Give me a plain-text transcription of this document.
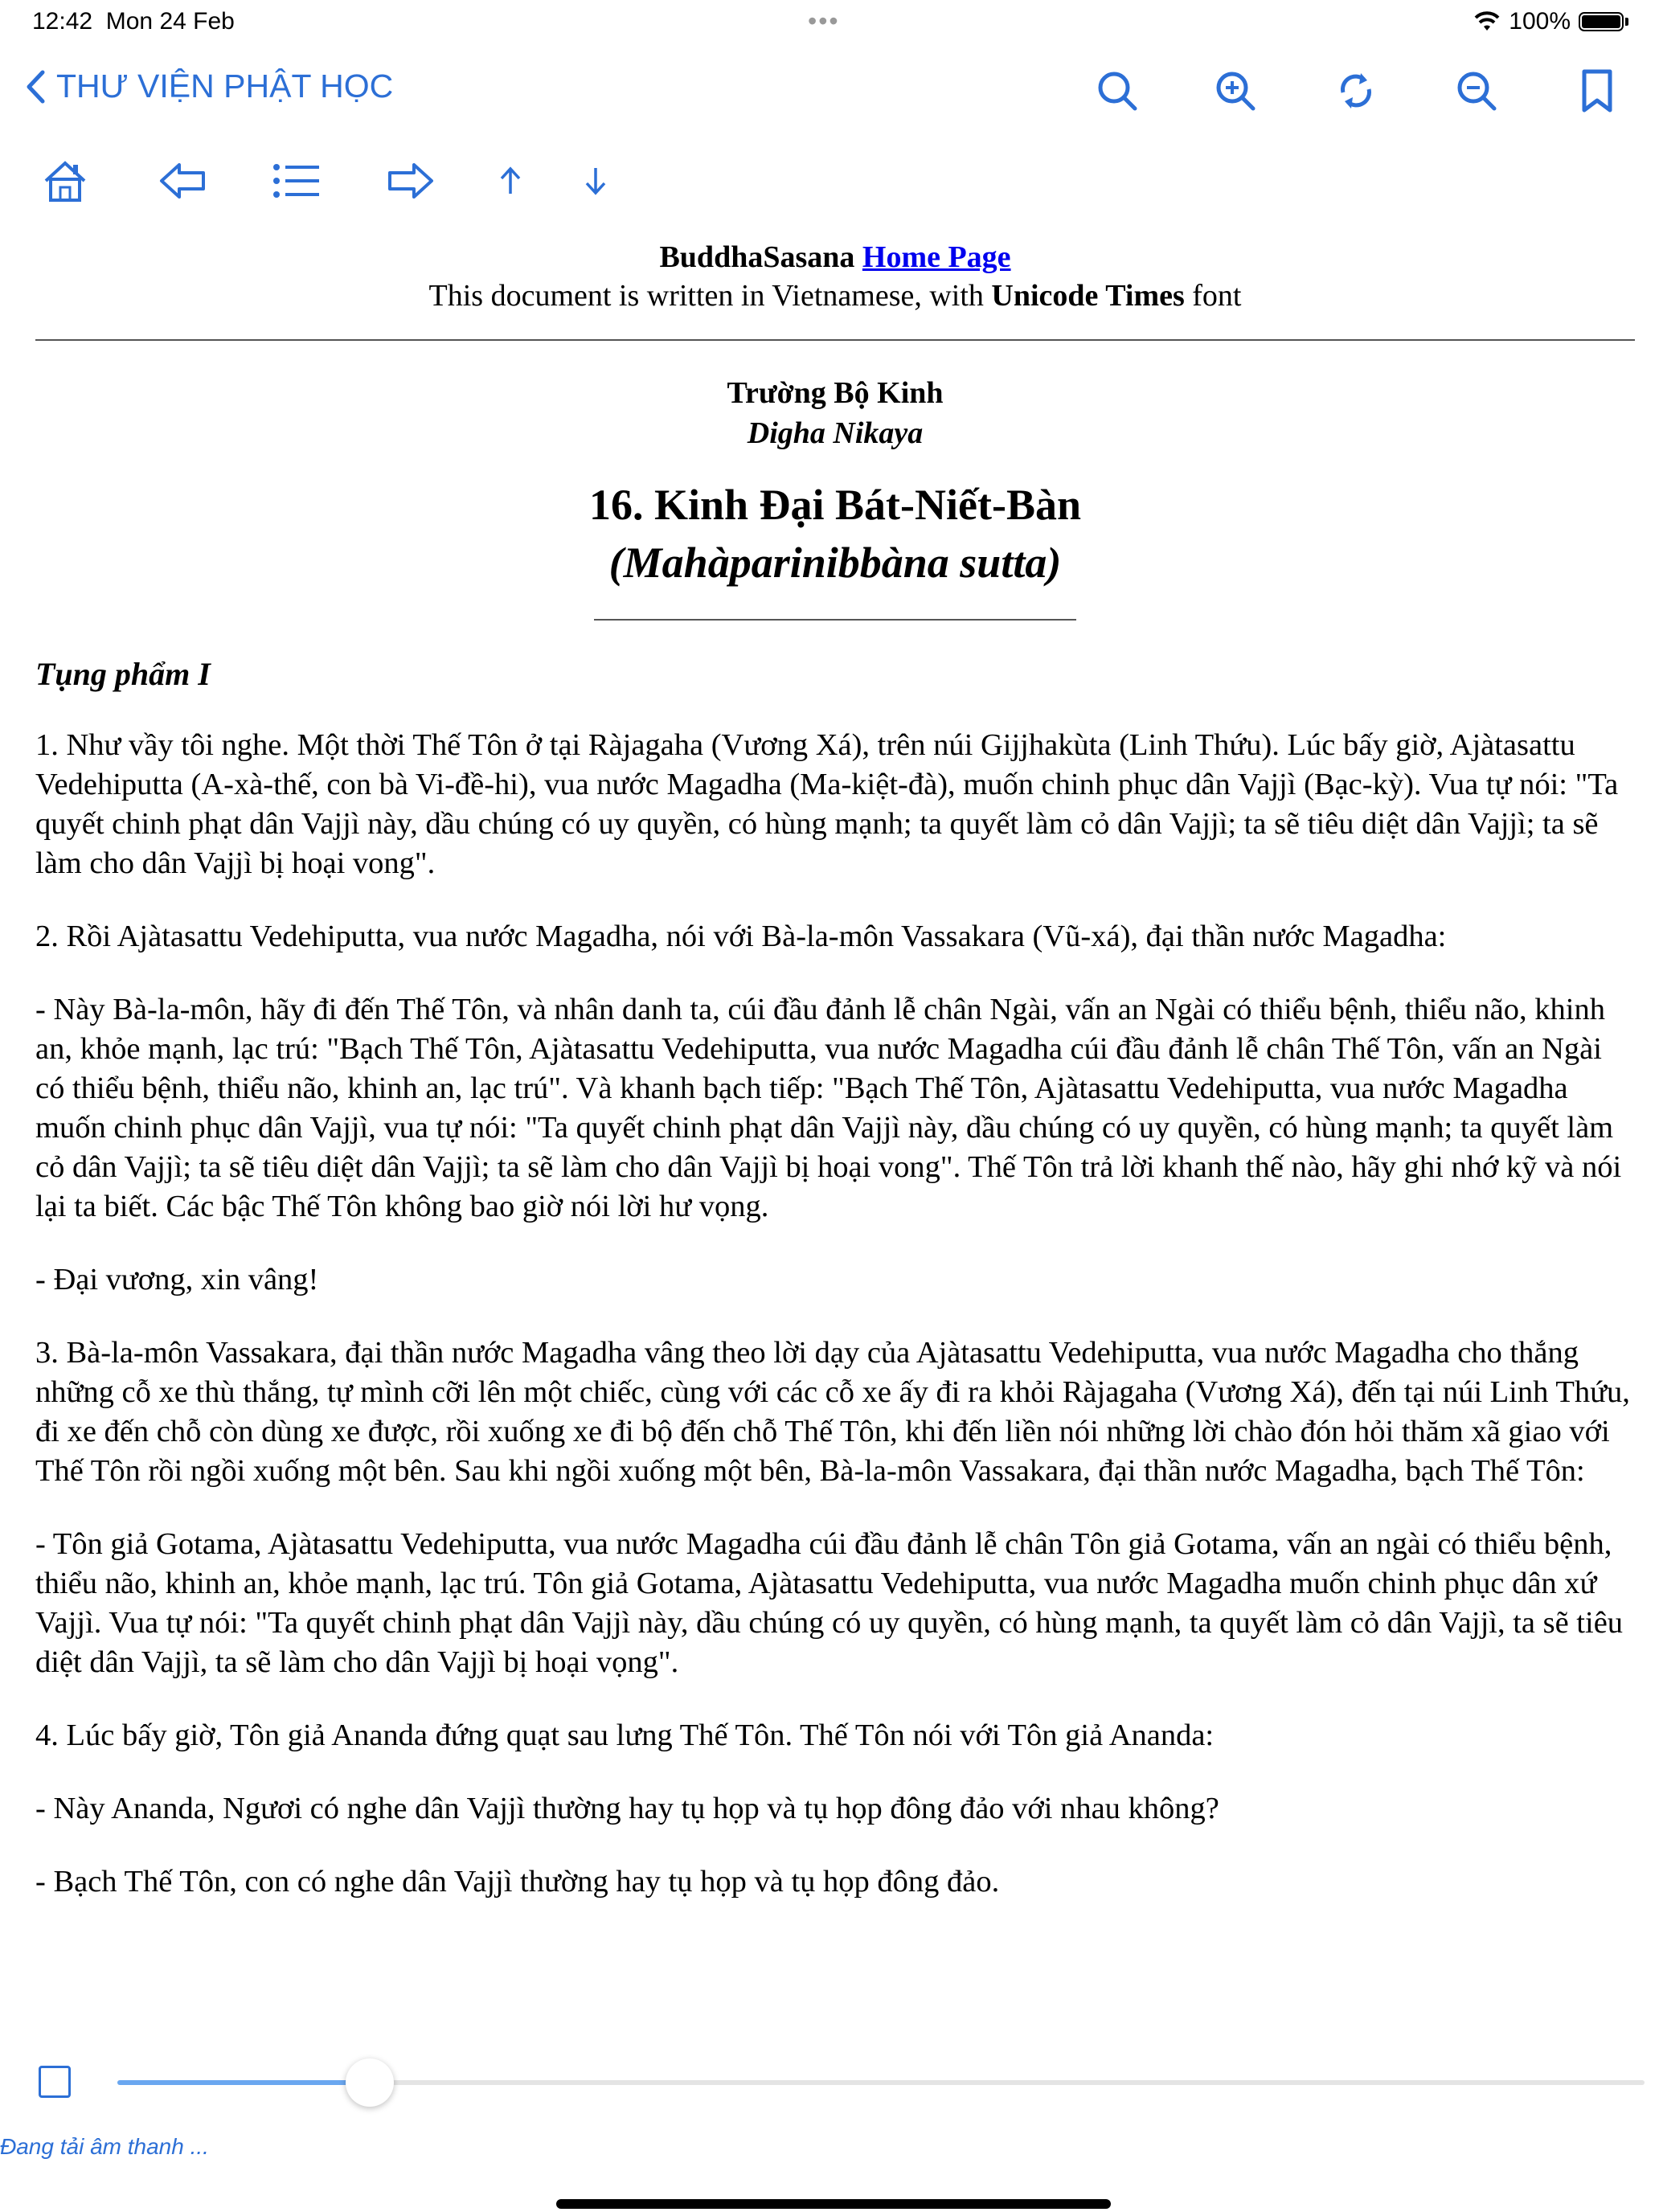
12:42 Mon 24 Feb	•••	100%
THƯ VIỆN PHẬT HỌC
BuddhaSasana Home Page
This document is written in Vietnamese, with Unicode Times font
Trường Bộ Kinh
Digha Nikaya
16. Kinh Đại Bát-Niết-Bàn
(Mahàparinibbàna sutta)
Tụng phẩm I

1. Như vầy tôi nghe. Một thời Thế Tôn ở tại Ràjagaha (Vương Xá), trên núi Gijjhakùta (Linh Thứu). Lúc bấy giờ, Ajàtasattu Vedehiputta (A-xà-thế, con bà Vi-đề-hi), vua nước Magadha (Ma-kiệt-đà), muốn chinh phục dân Vajjì (Bạc-kỳ). Vua tự nói: "Ta quyết chinh phạt dân Vajjì này, dầu chúng có uy quyền, có hùng mạnh; ta quyết làm cỏ dân Vajjì; ta sẽ tiêu diệt dân Vajjì; ta sẽ làm cho dân Vajjì bị hoại vong".

2. Rồi Ajàtasattu Vedehiputta, vua nước Magadha, nói với Bà-la-môn Vassakara (Vũ-xá), đại thần nước Magadha:

- Này Bà-la-môn, hãy đi đến Thế Tôn, và nhân danh ta, cúi đầu đảnh lễ chân Ngài, vấn an Ngài có thiểu bệnh, thiểu não, khinh an, khỏe mạnh, lạc trú: "Bạch Thế Tôn, Ajàtasattu Vedehiputta, vua nước Magadha cúi đầu đảnh lễ chân Thế Tôn, vấn an Ngài có thiểu bệnh, thiểu não, khinh an, lạc trú". Và khanh bạch tiếp: "Bạch Thế Tôn, Ajàtasattu Vedehiputta, vua nước Magadha muốn chinh phục dân Vajjì, vua tự nói: "Ta quyết chinh phạt dân Vajjì này, dầu chúng có uy quyền, có hùng mạnh; ta quyết làm cỏ dân Vajjì; ta sẽ tiêu diệt dân Vajjì; ta sẽ làm cho dân Vajjì bị hoại vong". Thế Tôn trả lời khanh thế nào, hãy ghi nhớ kỹ và nói lại ta biết. Các bậc Thế Tôn không bao giờ nói lời hư vọng.

- Đại vương, xin vâng!

3. Bà-la-môn Vassakara, đại thần nước Magadha vâng theo lời dạy của Ajàtasattu Vedehiputta, vua nước Magadha cho thắng những cỗ xe thù thắng, tự mình cỡi lên một chiếc, cùng với các cỗ xe ấy đi ra khỏi Ràjagaha (Vương Xá), đến tại núi Linh Thứu, đi xe đến chỗ còn dùng xe được, rồi xuống xe đi bộ đến chỗ Thế Tôn, khi đến liền nói những lời chào đón hỏi thăm xã giao với Thế Tôn rồi ngồi xuống một bên. Sau khi ngồi xuống một bên, Bà-la-môn Vassakara, đại thần nước Magadha, bạch Thế Tôn:

- Tôn giả Gotama, Ajàtasattu Vedehiputta, vua nước Magadha cúi đầu đảnh lễ chân Tôn giả Gotama, vấn an ngài có thiểu bệnh, thiểu não, khinh an, khỏe mạnh, lạc trú. Tôn giả Gotama, Ajàtasattu Vedehiputta, vua nước Magadha muốn chinh phục dân xứ Vajjì. Vua tự nói: "Ta quyết chinh phạt dân Vajjì này, dầu chúng có uy quyền, có hùng mạnh, ta quyết làm cỏ dân Vajjì, ta sẽ tiêu diệt dân Vajjì, ta sẽ làm cho dân Vajjì bị hoại vọng".

4. Lúc bấy giờ, Tôn giả Ananda đứng quạt sau lưng Thế Tôn. Thế Tôn nói với Tôn giả Ananda:

- Này Ananda, Ngươi có nghe dân Vajjì thường hay tụ họp và tụ họp đông đảo với nhau không?

- Bạch Thế Tôn, con có nghe dân Vajjì thường hay tụ họp và tụ họp đông đảo.

Đang tải âm thanh ...
